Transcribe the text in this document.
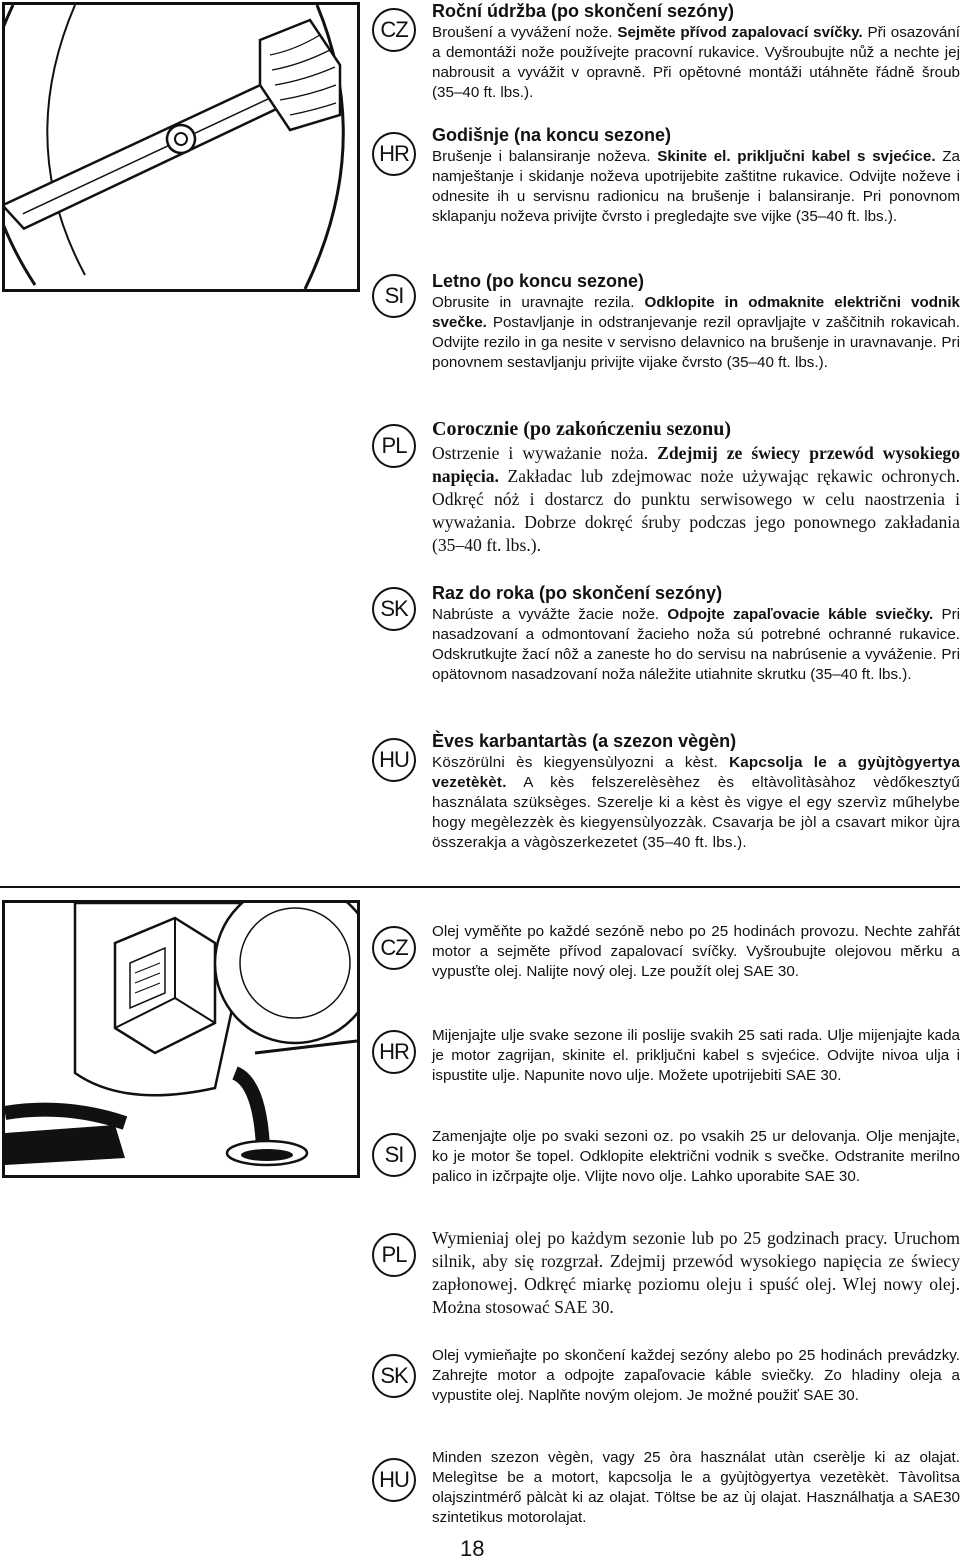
CZ
HR
SI
PL
SK
HU
Roční údržba (po skončení sezóny)

Broušení a vyvážení nože. Sejměte přívod zapalovací svíčky. Při osazování a demontáži nože používejte pracovní rukavice. Vyšroubujte nůž a nechte jej nabrousit a vyvážit v opravně. Při opětovné montáži utáhněte řádně šroub (35–40 ft. lbs.).

Godišnje (na koncu sezone)

Brušenje i balansiranje noževa. Skinite el. priključni kabel s svjećice. Za namještanje i skidanje noževa upotrijebite zaštitne rukavice. Odvijte noževe i odnesite ih u servisnu radionicu na brušenje i balansiranje. Pri ponovnom sklapanju noževa privijte čvrsto i pregledajte sve vijke (35–40 ft. lbs.).

Letno (po koncu sezone)

Obrusite in uravnajte rezila. Odklopite in odmaknite električni vodnik svečke. Postavljanje in odstranjevanje rezil opravljajte v zaščitnih rokavicah. Odvijte rezilo in ga nesite v servisno delavnico na brušenje in uravnavanje. Pri ponovnem sestavljanju privijte vijake čvrsto (35–40 ft. lbs.).

Corocznie (po zakończeniu sezonu)

Ostrzenie i wyważanie noża. Zdejmij ze świecy przewód wysokiego napięcia. Zakładac lub zdejmowac noże używając rękawic ochronych. Odkręć nóż i dostarcz do punktu serwisowego w celu naostrzenia i wyważania. Dobrze dokręć śruby podczas jego ponownego zakładania (35–40 ft. lbs.).

Raz do roka (po skončení sezóny)

Nabrúste a vyvážte žacie nože. Odpojte zapaľovacie káble sviečky. Pri nasadzovaní a odmontovaní žacieho noža sú potrebné ochranné rukavice. Odskrutkujte žací nôž a zaneste ho do servisu na nabrúsenie a vyváženie. Pri opätovnom nasadzovaní noža náležite utiahnite skrutku (35–40 ft. lbs.).

Èves karbantartàs (a szezon vègèn)

Köszörülni ès kiegyensùlyozni a kèst. Kapcsolja le a gyùjtògyertya vezetèkèt. A kès felszerelèsèhez ès eltàvolìtàsàhoz vèdőkesztyű használata szüksèges. Szerelje ki a kèst ès vigye el egy szervìz műhelybe hogy megèlezzèk ès kiegyensùlyozzàk. Csavarja be jòl a csavart mikor ùjra összerakja a vàgòszerkezetet (35–40 ft. lbs.).

CZ
HR
SI
PL
SK
HU

Olej vyměňte po každé sezóně nebo po 25 hodinách provozu. Nechte zahřát motor a sejměte přívod zapalovací svíčky. Vyšroubujte olejovou měrku a vypusťte olej. Nalijte nový olej. Lze použít olej SAE 30.

Mijenjajte ulje svake sezone ili poslije svakih 25 sati rada. Ulje mijenjajte kada je motor zagrijan, skinite el. priključni kabel s svjećice. Odvijte nivoa ulja i ispustite ulje. Napunite novo ulje. Možete upotrijebiti SAE 30.

Zamenjajte olje po svaki sezoni oz. po vsakih 25 ur delovanja. Olje menjajte, ko je motor še topel. Odklopite električni vodnik s svečke. Odstranite merilno palico in izčrpajte olje. Vlijte novo olje. Lahko uporabite SAE 30.

Wymieniaj olej po każdym sezonie lub po 25 godzinach pracy. Uruchom silnik, aby się rozgrzał. Zdejmij przewód wysokiego napięcia ze świecy zapłonowej. Odkręć miarkę poziomu oleju i spuść olej. Wlej nowy olej. Można stosować SAE 30.

Olej vymieňajte po skončení každej sezóny alebo po 25 hodinách prevádzky. Zahrejte motor a odpojte zapaľovacie káble sviečky. Zo hladiny oleja a vypustite olej. Naplňte novým olejom. Je možné použiť SAE 30.

Minden szezon vègèn, vagy 25 òra használat utàn cserèlje ki az olajat. Melegìtse be a motort, kapcsolja le a gyùjtògyertya vezetèkèt. Tàvolìtsa olajszintmérő pàlcàt ki az olajat. Töltse be az ùj olajat. Használhatja a SAE30 szintetikus motorolajat.

18
